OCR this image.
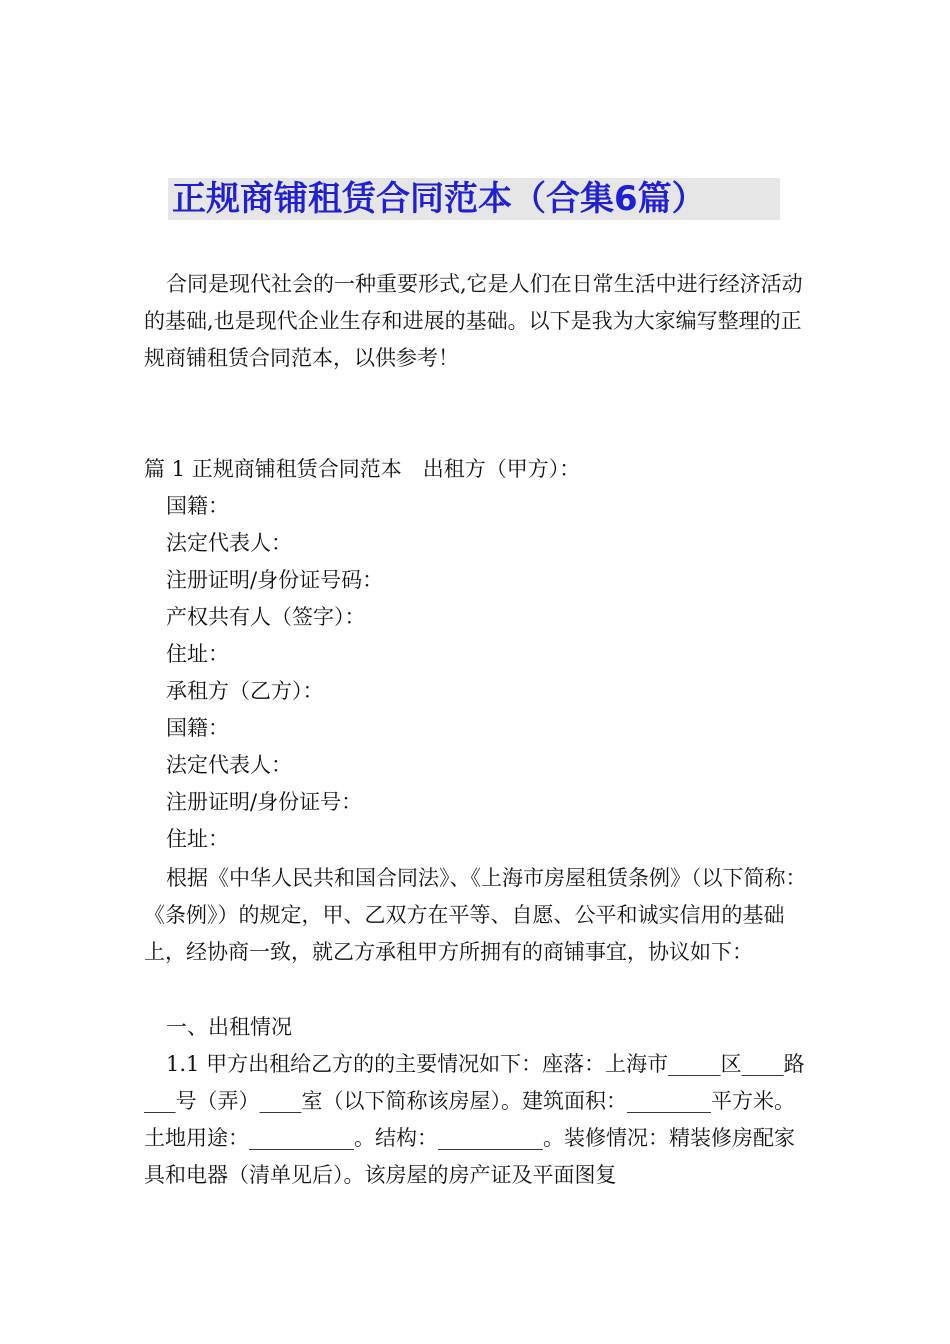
正规商铺租赁合同范本（合集6篇）
合同是现代社会的一种重要形式,它是人们在日常生活中进行经济活动的基础,也是现代企业生存和进展的基础。以下是我为大家编写整理的正规商铺租赁合同范本，以供参考！
篇 1 正规商铺租赁合同范本　出租方（甲方）：
国籍：
法定代表人：
注册证明/身份证号码：
产权共有人（签字）：
住址：
承租方（乙方）：
国籍：
法定代表人：
注册证明/身份证号：
住址：
根据《中华人民共和国合同法》、《上海市房屋租赁条例》（以下简称：《条例》）的规定，甲、乙双方在平等、自愿、公平和诚实信用的基础上，经协商一致，就乙方承租甲方所拥有的商铺事宜，协议如下：
一、出租情况
1.1 甲方出租给乙方的的主要情况如下：座落：上海市_____区____路___号（弄）____室（以下简称该房屋）。建筑面积：________平方米。土地用途：__________。结构：__________。装修情况：精装修房配家具和电器（清单见后）。该房屋的房产证及平面图复
